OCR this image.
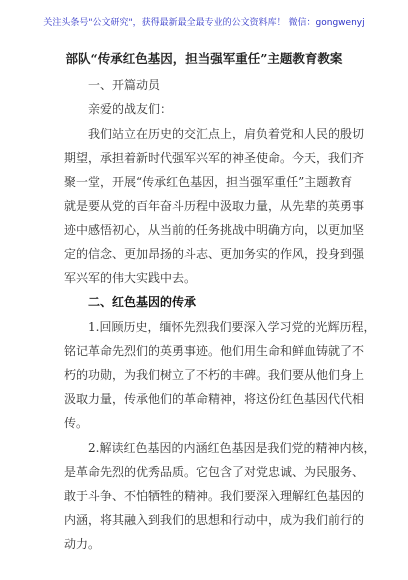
关注头条号"公文研究"，获得最新最全最专业的公文资料库！ 微信：gongwenyj
部队“传承红色基因，担当强军重任”主题教育教案
一、开篇动员
亲爱的战友们：
我们站立在历史的交汇点上，肩负着党和人民的殷切
期望，承担着新时代强军兴军的神圣使命。今天，我们齐
聚一堂，开展“传承红色基因，担当强军重任”主题教育
就是要从党的百年奋斗历程中汲取力量，从先辈的英勇事
迹中感悟初心，从当前的任务挑战中明确方向，以更加坚
定的信念、更加昂扬的斗志、更加务实的作风，投身到强
军兴军的伟大实践中去。
二、红色基因的传承
1.回顾历史，缅怀先烈我们要深入学习党的光辉历程，
铭记革命先烈们的英勇事迹。他们用生命和鲜血铸就了不
朽的功勋，为我们树立了不朽的丰碑。我们要从他们身上
汲取力量，传承他们的革命精神，将这份红色基因代代相
传。
2.解读红色基因的内涵红色基因是我们党的精神内核，
是革命先烈的优秀品质。它包含了对党忠诚、为民服务、
敢于斗争、不怕牺牲的精神。我们要深入理解红色基因的
内涵，将其融入到我们的思想和行动中，成为我们前行的
动力。
